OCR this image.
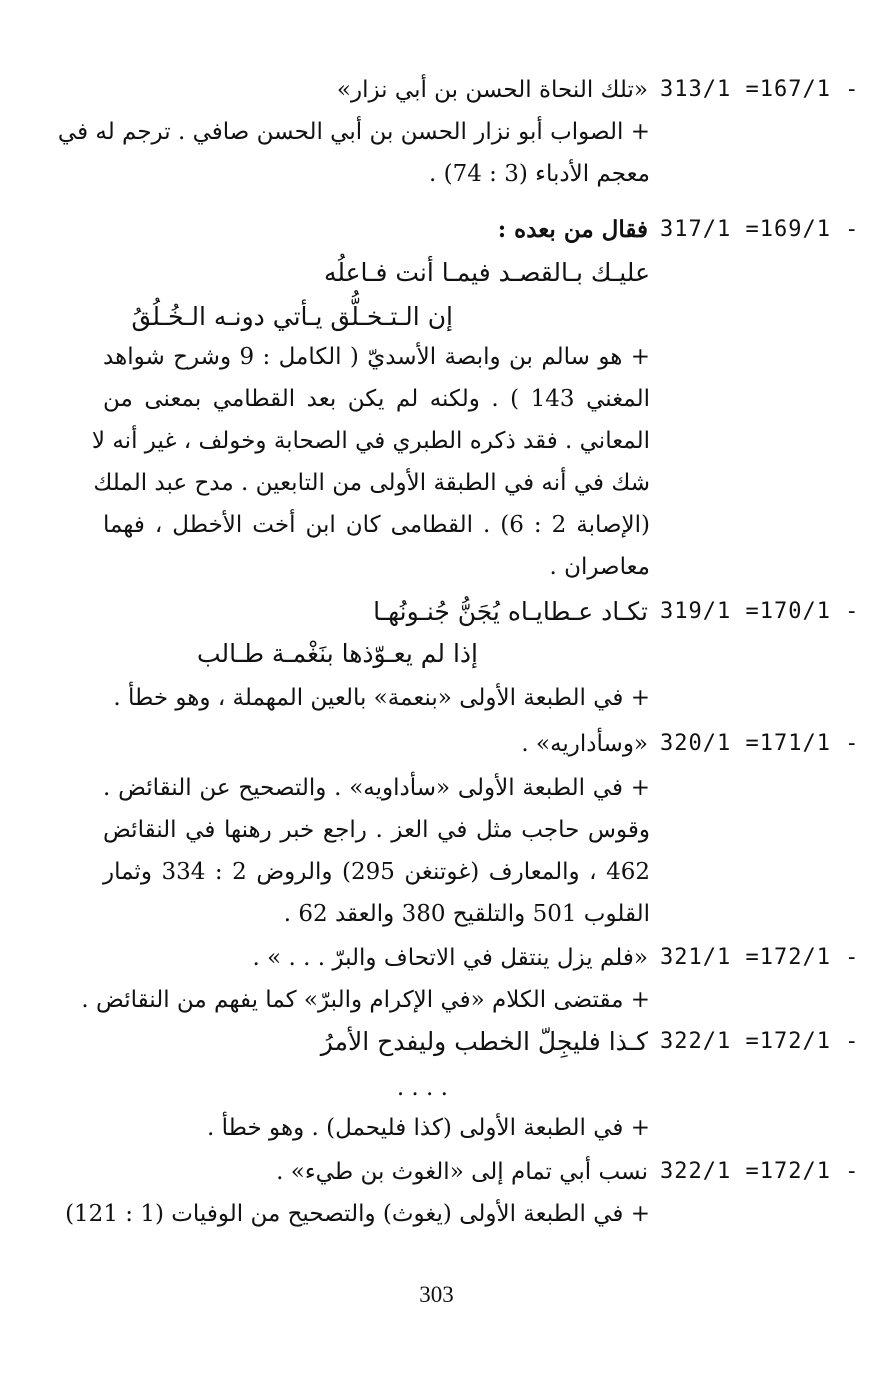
313/1 =167/1 -
«تلك النحاة الحسن بن أبي نزار»
+ الصواب أبو نزار الحسن بن أبي الحسن صافي . ترجم له في
معجم الأدباء (3 : 74) .
317/1 =169/1 -
فقال من بعده :
عليـك بـالقصـد فيمـا أنت فـاعلُه
إن الـتـخـلُّق يـأتي دونـه الـخُـلُقُ
+ هو سالم بن وابصة الأسديّ ( الكامل : 9 وشرح شواهد
المغني 143 ) . ولكنه لم يكن بعد القطامي بمعنى من
المعاني . فقد ذكره الطبري في الصحابة وخولف ، غير أنه لا
شك في أنه في الطبقة الأولى من التابعين . مدح عبد الملك
(الإصابة 2 : 6) . القطامى كان ابن أخت الأخطل ، فهما
معاصران .
319/1 =170/1 -
تكـاد عـطايـاه يُجَنُّ جُنـونُهـا
إذا لم يعـوّذها بنَغْمـة طـالب
+ في الطبعة الأولى «بنعمة» بالعين المهملة ، وهو خطأ .
320/1 =171/1 -
«وسأداريه» .
+ في الطبعة الأولى «سأداويه» . والتصحيح عن النقائض .
وقوس حاجب مثل في العز . راجع خبر رهنها في النقائض
462 ، والمعارف (غوتنغن 295) والروض 2 : 334 وثمار
القلوب 501 والتلقيح 380 والعقد 62 .
321/1 =172/1 -
«فلم يزل ينتقل في الاتحاف والبرّ . . . » .
+ مقتضى الكلام «في الإكرام والبرّ» كما يفهم من النقائض .
322/1 =172/1 -
كـذا فليجِلّ الخطب وليفدح الأمرُ
. . . .
+ في الطبعة الأولى (كذا فليحمل) . وهو خطأ .
322/1 =172/1 -
نسب أبي تمام إلى «الغوث بن طيء» .
+ في الطبعة الأولى (يغوث) والتصحيح من الوفيات (1 : 121)
303
